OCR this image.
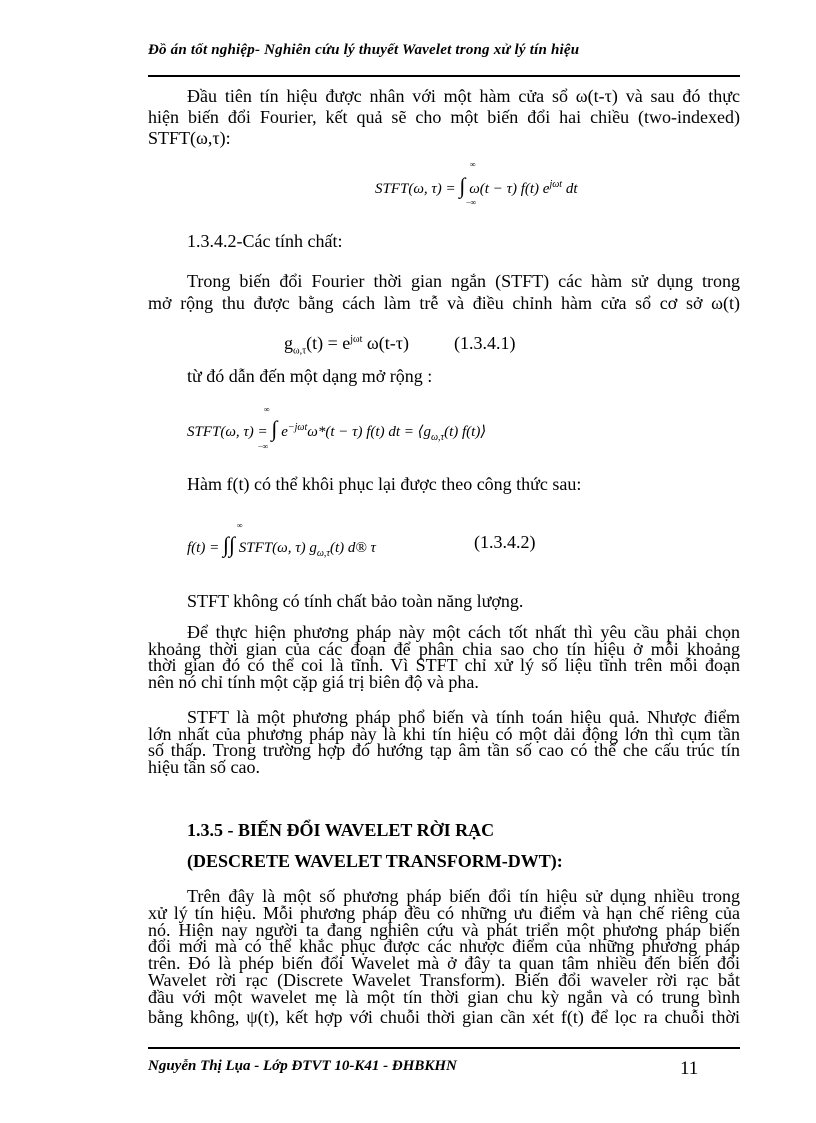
Đồ án tốt nghiệp- Nghiên cứu lý thuyết Wavelet trong xử lý tín hiệu
Đầu tiên tín hiệu được nhân với một hàm cửa sổ ω(t-τ) và sau đó thực
hiện biến đổi Fourier, kết quả sẽ cho một biến đổi hai chiều (two-indexed)
STFT(ω,τ):
STFT(ω, τ) = ∫ ω(t − τ) f(t) $e^{j\omega t}$ dt
∞
−∞
1.3.4.2-Các tính chất:
Trong biến đổi Fourier thời gian ngắn (STFT) các hàm sử dụng trong
mở rộng thu được bằng cách làm trễ và điều chỉnh hàm cửa sổ cơ sở ω(t)
$g_{\omega,\tau}(t) = e^{j\omega t}$ ω(t-τ)	(1.3.4.1)
từ đó dẫn đến một dạng mở rộng :
STFT(ω, τ) = ∫ $e^{-j\omega t}\omega*(t - \tau)$ f(t) dt = $⟨g_{\omega,\tau}(t)$ f(t)⟩
∞
−∞
Hàm f(t) có thể khôi phục lại được theo công thức sau:
f(t) = ∫∫ STFT(ω, τ) $g_{\omega,\tau}(t)$ d® τ
∞
(1.3.4.2)
STFT không có tính chất bảo toàn năng lượng.
Để thực hiện phương pháp này một cách tốt nhất thì yêu cầu phải chọn
khoảng thời gian của các đoạn để phân chia sao cho tín hiệu ở mỗi khoảng
thời gian đó có thể coi là tĩnh. Vì STFT chỉ xử lý số liệu tĩnh trên mỗi đoạn
nên nó chỉ tính một cặp giá trị biên độ và pha.
STFT là một phương pháp phổ biến và tính toán hiệu quả. Nhược điểm
lớn nhất của phương pháp này là khi tín hiệu có một dải động lớn thì cụm tần
số thấp. Trong trường hợp đó hướng tạp âm tần số cao có thể che cấu trúc tín
hiệu tần số cao.
1.3.5 - BIẾN ĐỔI WAVELET RỜI RẠC
(DESCRETE WAVELET TRANSFORM-DWT):
Trên đây là một số phương pháp biến đổi tín hiệu sử dụng nhiều trong
xử lý tín hiệu. Mỗi phương pháp đều có những ưu điểm và hạn chế riêng của
nó. Hiện nay người ta đang nghiên cứu và phát triển một phương pháp biến
đổi mới mà có thể khắc phục được các nhược điểm của những phương pháp
trên. Đó là phép biến đổi Wavelet mà ở đây ta quan tâm nhiều đến biến đổi
Wavelet rời rạc (Discrete Wavelet Transform). Biến đổi waveler rời rạc bắt
đầu với một wavelet mẹ là một tín thời gian chu kỳ ngắn và có trung bình
bằng không, ψ(t), kết hợp với chuỗi thời gian cần xét f(t) để lọc ra chuỗi thời
Nguyễn Thị Lụa - Lớp ĐTVT 10-K41 - ĐHBKHN	11
